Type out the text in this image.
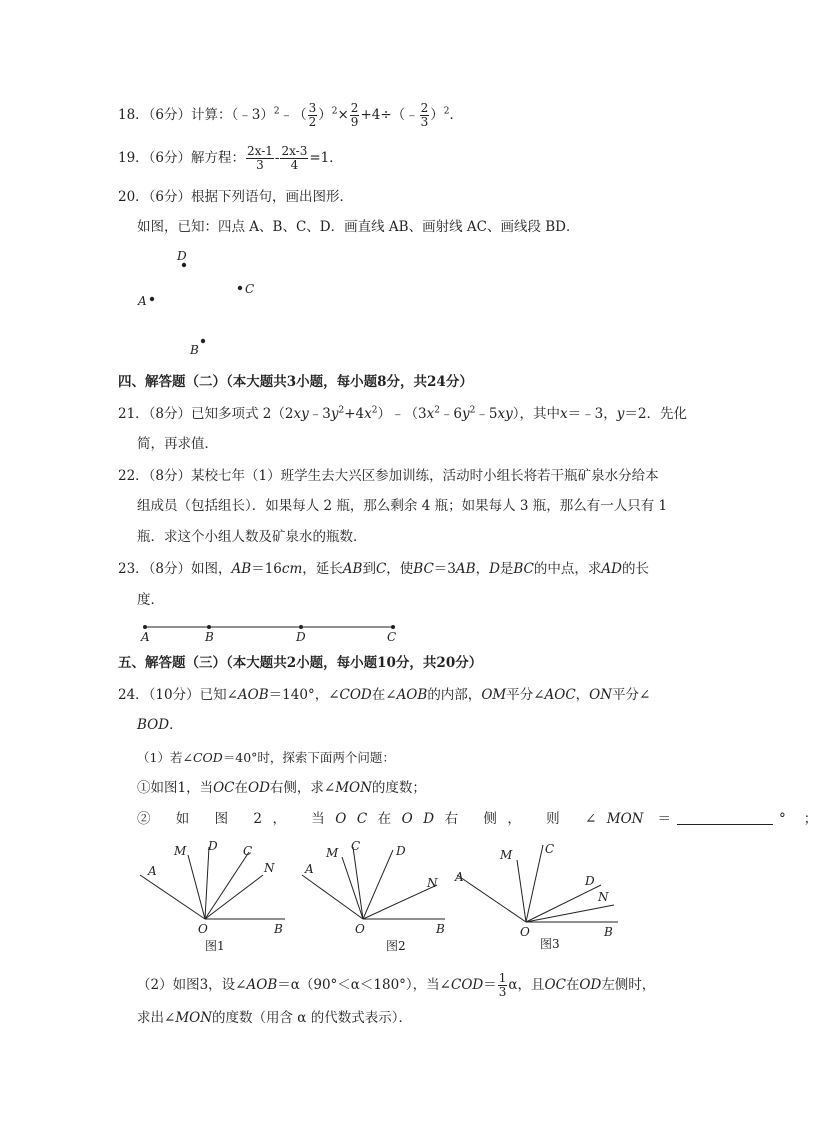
18．（6分）计算：（﹣3）$^2$﹣（ $\frac{3}{2} )^2\times \frac{2}{9}$ +4÷（﹣ $\frac{2}{3} )^2$．
19．（6分）解方程： $\frac{2x-1}{3} - \frac{2x-3}{4} =1$．
20．（6分）根据下列语句，画出图形．
如图，已知：四点 A、B、C、D．画直线 AB、画射线 AC、画线段 BD．
D
C
A
B
四、解答题（二）（本大题共3小题，每小题8分，共24分）
21．（8分）已知多项式 $2(2xy﹣3y^2+4x^2)﹣(3x^2﹣6y^2﹣5xy)$，其中x＝﹣3，y＝2．先化
简，再求值．
22．（8分）某校七年（1）班学生去大兴区参加训练，活动时小组长将若干瓶矿泉水分给本
组成员（包括组长）．如果每人 2 瓶，那么剩余 4 瓶；如果每人 3 瓶，那么有一人只有 1
瓶．求这个小组人数及矿泉水的瓶数．
23．（8分）如图，AB＝16cm，延长AB到C，使BC＝3AB，D是BC的中点，求AD的长
度．
A	B	D	C
五、解答题（三）（本大题共2小题，每小题10分，共20分）
24．（10分）已知∠AOB＝140°，∠COD在∠AOB的内部，OM平分∠AOC，ON平分∠
BOD．
（1）若∠COD＝40°时，探索下面两个问题：
①如图1，当OC在OD右侧，求∠MON的度数；
② 如 图 2， 当OC在OD右 侧， 则 ∠MON ＝	° ；
M D C
A	N
O	B
图1
M C	D
A
N
O	B
图2
M	C
A	D
N
O	B
图3
（2）如图3，设∠AOB＝α（90°＜α＜180°），当∠COD＝ $\frac{1}{3}$ α，且OC在OD左侧时，
求出∠MON的度数（用含 α 的代数式表示）．
